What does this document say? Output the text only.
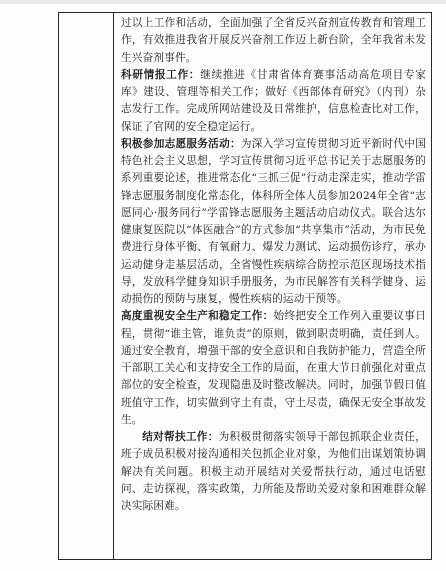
过以上工作和活动，全面加强了全省反兴奋剂宣传教育和管理工作，有效推进我省开展反兴奋剂工作迈上新台阶，全年我省未发生兴奋剂事件。

科研情报工作：继续推进《甘肃省体育赛事活动高危项目专家库》建设、管理等相关工作；做好《西部体育研究》（内刊）杂志发行工作。完成所网站建设及日常维护，信息检查比对工作，保证了官网的安全稳定运行。

积极参加志愿服务活动：为深入学习宣传贯彻习近平新时代中国特色社会主义思想，学习宣传贯彻习近平总书记关于志愿服务的系列重要论述，推进常态化“三抓三促”行动走深走实，推动学雷锋志愿服务制度化常态化，体科所全体人员参加2024年全省“志愿同心·服务同行”学雷锋志愿服务主题活动启动仪式。联合达尔健康复医院以“体医融合”的方式参加“共享集市”活动，为市民免费进行身体平衡、有氧耐力、爆发力测试、运动损伤诊疗，承办运动健身走基层活动，全省慢性疾病综合防控示范区现场技术指导，发放科学健身知识手册服务，为市民解答有关科学健身、运动损伤的预防与康复，慢性疾病的运动干预等。

高度重视安全生产和稳定工作：始终把安全工作列入重要议事日程，贯彻“谁主管，谁负责”的原则，做到职责明确，责任到人。通过安全教育，增强干部的安全意识和自我防护能力，营造全所干部职工关心和支持安全工作的局面，在重大节日前强化对重点部位的安全检查，发现隐患及时整改解决。同时，加强节假日值班值守工作，切实做到守土有责，守土尽责，确保无安全事故发生。

结对帮扶工作：为积极贯彻落实领导干部包抓联企业责任，班子成员积极对接沟通相关包抓企业对象，为他们出谋划策协调解决有关问题。积极主动开展结对关爱帮扶行动，通过电话慰问、走访探视，落实政策，力所能及帮助关爱对象和困难群众解决实际困难。
